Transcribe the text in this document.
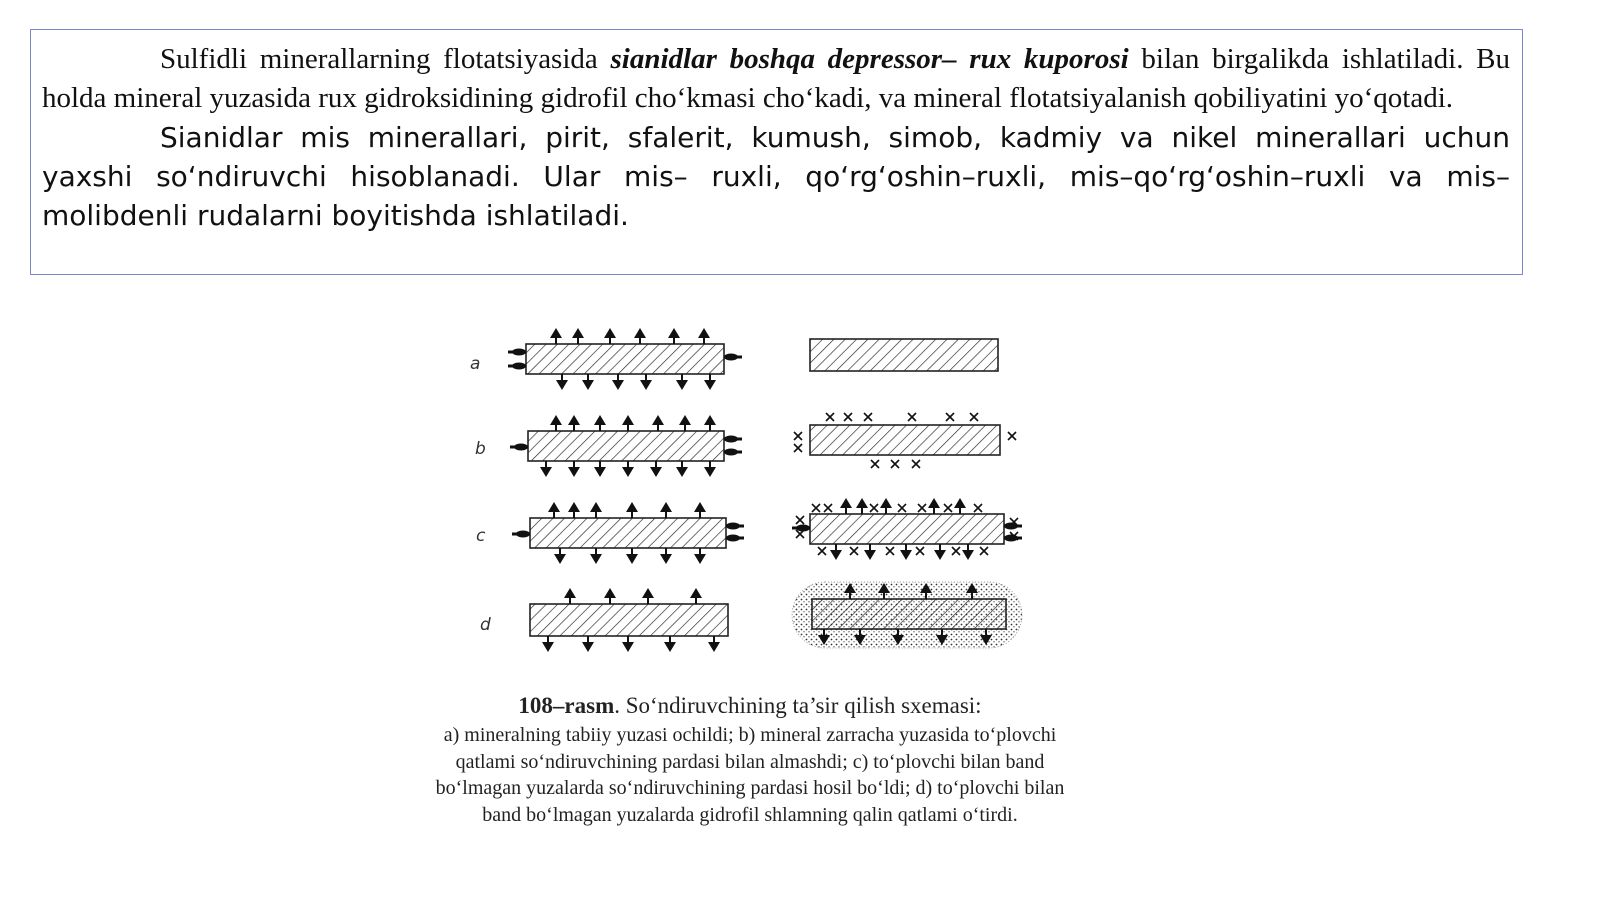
Sulfidli minerallarning flotatsiyasida sianidlar boshqa depressor– rux kuporosi bilan birgalikda ishlatiladi. Bu holda mineral yuzasida rux gidroksidining gidrofil cho‘kmasi cho‘kadi, va mineral flotatsiyalanish qobiliyatini yo‘qotadi.

Sianidlar mis minerallari, pirit, sfalerit, kumush, simob, kadmiy va nikel minerallari uchun yaxshi so‘ndiruvchi hisoblanadi. Ular mis– ruxli, qo‘rg‘oshin–ruxli, mis–qo‘rg‘oshin–ruxli va mis–molibdenli rudalarni boyitishda ishlatiladi.

a
b
c
d
108–rasm. So‘ndiruvchining ta’sir qilish sxemasi:
a) mineralning tabiiy yuzasi ochildi; b) mineral zarracha yuzasida to‘plovchi
qatlami so‘ndiruvchining pardasi bilan almashdi; c) to‘plovchi bilan band
bo‘lmagan yuzalarda so‘ndiruvchining pardasi hosil bo‘ldi; d) to‘plovchi bilan
band bo‘lmagan yuzalarda gidrofil shlamning qalin qatlami o‘tirdi.
